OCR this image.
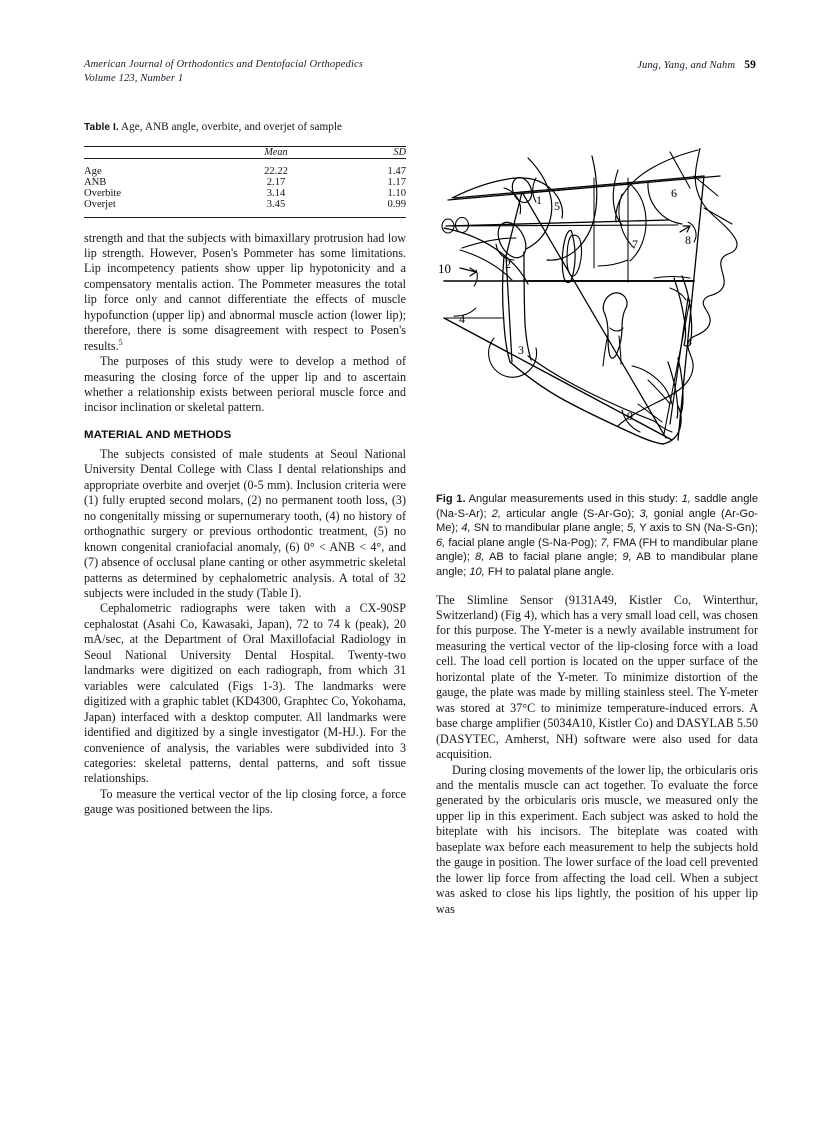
American Journal of Orthodontics and Dentofacial Orthopedics
Volume 123, Number 1
Jung, Yang, and Nahm 59
Table I. Age, ANB angle, overbite, and overjet of sample
	Mean	SD
Age	22.22	1.47
ANB	2.17	1.17
Overbite	3.14	1.10
Overjet	3.45	0.99

strength and that the subjects with bimaxillary protrusion had low lip strength. However, Posen's Pommeter has some limitations. Lip incompetency patients show upper lip hypotonicity and a compensatory mentalis action. The Pommeter measures the total lip force only and cannot differentiate the effects of muscle hypofunction (upper lip) and abnormal muscle action (lower lip); therefore, there is some disagreement with respect to Posen's results.$^5$

The purposes of this study were to develop a method of measuring the closing force of the upper lip and to ascertain whether a relationship exists between perioral muscle force and incisor inclination or skeletal pattern.

MATERIAL AND METHODS

The subjects consisted of male students at Seoul National University Dental College with Class I dental relationships and appropriate overbite and overjet (0-5 mm). Inclusion criteria were (1) fully erupted second molars, (2) no permanent tooth loss, (3) no congenitally missing or supernumerary tooth, (4) no history of orthognathic surgery or previous orthodontic treatment, (5) no known congenital craniofacial anomaly, (6) 0° < ANB < 4°, and (7) absence of occlusal plane canting or other asymmetric skeletal patterns as determined by cephalometric analysis. A total of 32 subjects were included in the study (Table I).

Cephalometric radiographs were taken with a CX-90SP cephalostat (Asahi Co, Kawasaki, Japan), 72 to 74 k (peak), 20 mA/sec, at the Department of Oral Maxillofacial Radiology in Seoul National University Dental Hospital. Twenty-two landmarks were digitized on each radiograph, from which 31 variables were calculated (Figs 1-3). The landmarks were digitized with a graphic tablet (KD4300, Graphtec Co, Yokohama, Japan) interfaced with a desktop computer. All landmarks were identified and digitized by a single investigator (M-HJ.). For the convenience of analysis, the variables were subdivided into 3 categories: skeletal patterns, dental patterns, and soft tissue relationships.

To measure the vertical vector of the lip closing force, a force gauge was positioned between the lips.

1
2
3
4
5
6
7	8
9
10

Fig 1. Angular measurements used in this study: 1, saddle angle (Na-S-Ar); 2, articular angle (S-Ar-Go); 3, gonial angle (Ar-Go-Me); 4, SN to mandibular plane angle; 5, Y axis to SN (Na-S-Gn); 6, facial plane angle (S-Na-Pog); 7, FMA (FH to mandibular plane angle); 8, AB to facial plane angle; 9, AB to mandibular plane angle; 10, FH to palatal plane angle.

The Slimline Sensor (9131A49, Kistler Co, Winterthur, Switzerland) (Fig 4), which has a very small load cell, was chosen for this purpose. The Y-meter is a newly available instrument for measuring the vertical vector of the lip-closing force with a load cell. The load cell portion is located on the upper surface of the horizontal plate of the Y-meter. To minimize distortion of the gauge, the plate was made by milling stainless steel. The Y-meter was stored at 37°C to minimize temperature-induced errors. A base charge amplifier (5034A10, Kistler Co) and DASYLAB 5.50 (DASYTEC, Amherst, NH) software were also used for data acquisition.

During closing movements of the lower lip, the orbicularis oris and the mentalis muscle can act together. To evaluate the force generated by the orbicularis oris muscle, we measured only the upper lip in this experiment. Each subject was asked to hold the biteplate with his incisors. The biteplate was coated with baseplate wax before each measurement to help the subjects hold the gauge in position. The lower surface of the load cell prevented the lower lip force from affecting the load cell. When a subject was asked to close his lips lightly, the position of his upper lip was
